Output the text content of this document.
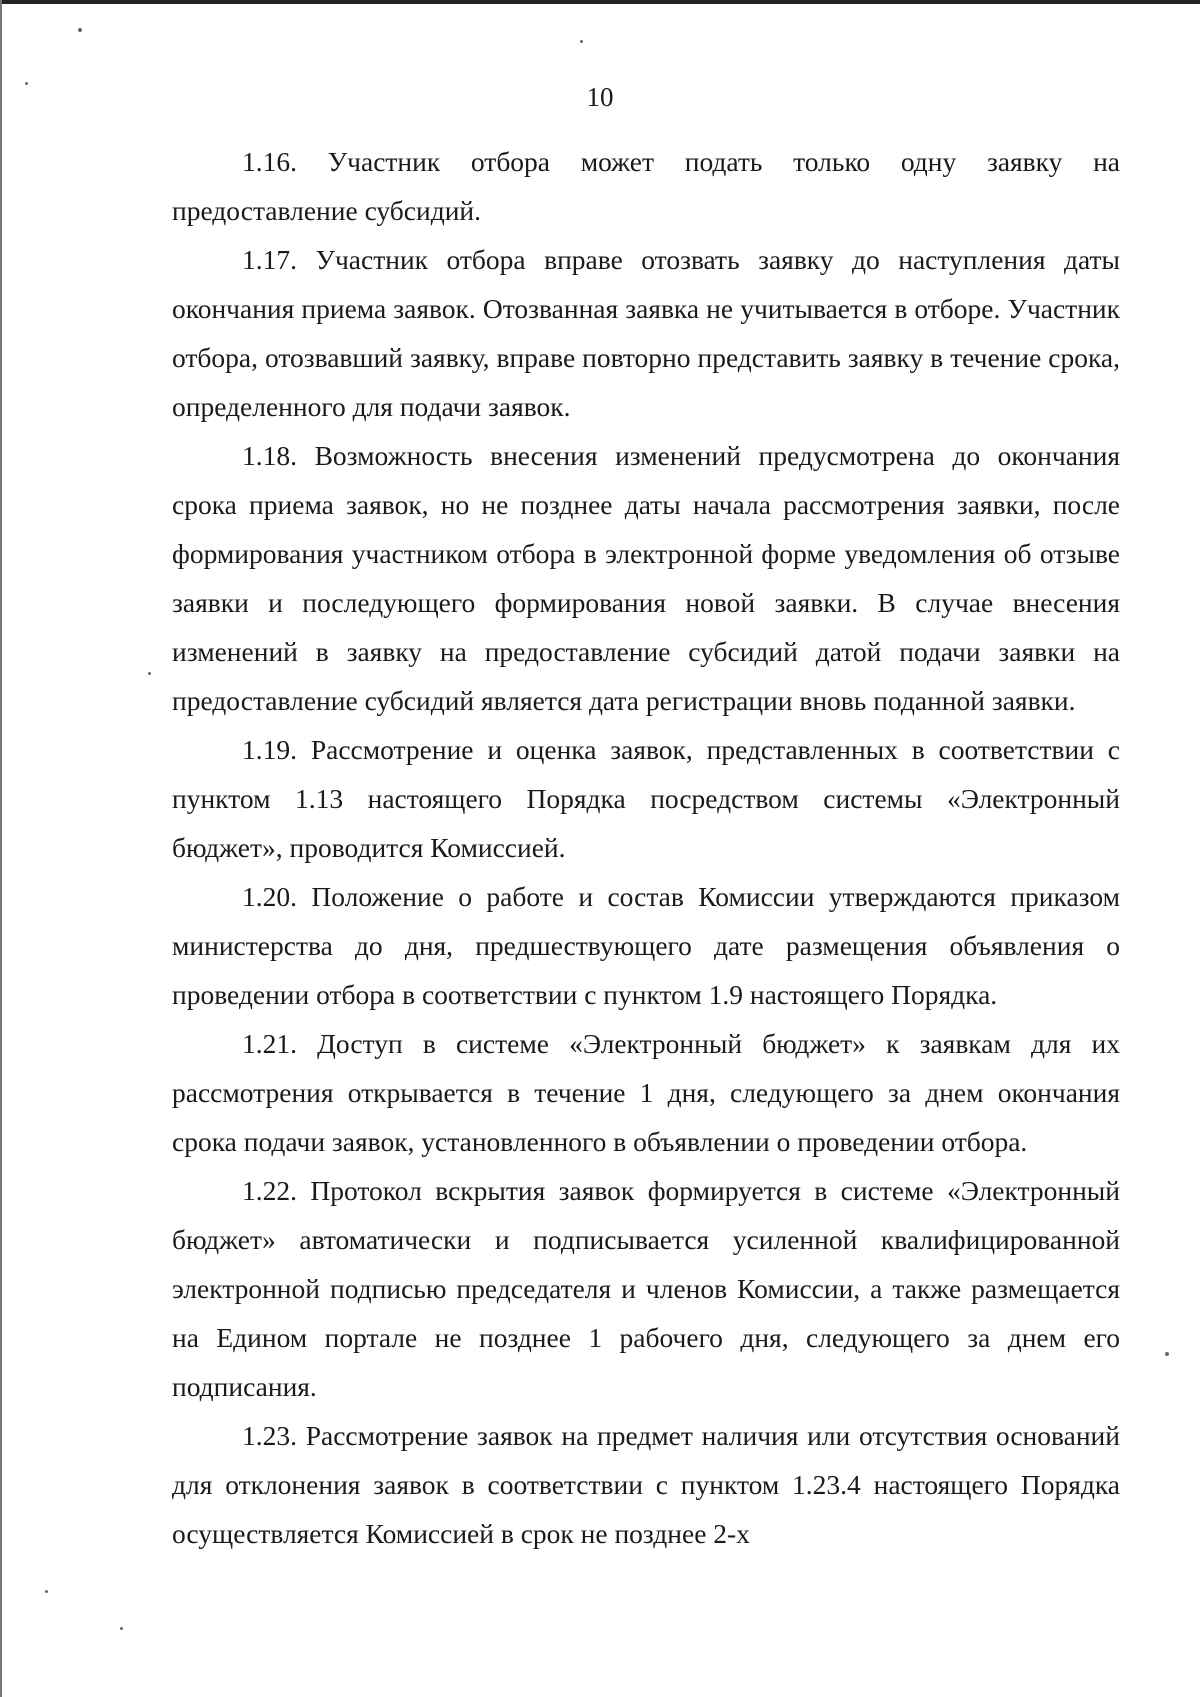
10

1.16. Участник отбора может подать только одну заявку на предоставление субсидий.

1.17. Участник отбора вправе отозвать заявку до наступления даты окончания приема заявок. Отозванная заявка не учитывается в отборе. Участник отбора, отозвавший заявку, вправе повторно представить заявку в течение срока, определенного для подачи заявок.

1.18. Возможность внесения изменений предусмотрена до окончания срока приема заявок, но не позднее даты начала рассмотрения заявки, после формирования участником отбора в электронной форме уведомления об отзыве заявки и последующего формирования новой заявки. В случае внесения изменений в заявку на предоставление субсидий датой подачи заявки на предоставление субсидий является дата регистрации вновь поданной заявки.

1.19. Рассмотрение и оценка заявок, представленных в соответствии с пунктом 1.13 настоящего Порядка посредством системы «Электронный бюджет», проводится Комиссией.

1.20. Положение о работе и состав Комиссии утверждаются приказом министерства до дня, предшествующего дате размещения объявления о проведении отбора в соответствии с пунктом 1.9 настоящего Порядка.

1.21. Доступ в системе «Электронный бюджет» к заявкам для их рассмотрения открывается в течение 1 дня, следующего за днем окончания срока подачи заявок, установленного в объявлении о проведении отбора.

1.22. Протокол вскрытия заявок формируется в системе «Электронный бюджет» автоматически и подписывается усиленной квалифицированной электронной подписью председателя и членов Комиссии, а также размещается на Едином портале не позднее 1 рабочего дня, следующего за днем его подписания.

1.23. Рассмотрение заявок на предмет наличия или отсутствия оснований для отклонения заявок в соответствии с пунктом 1.23.4 настоящего Порядка осуществляется Комиссией в срок не позднее 2-х
